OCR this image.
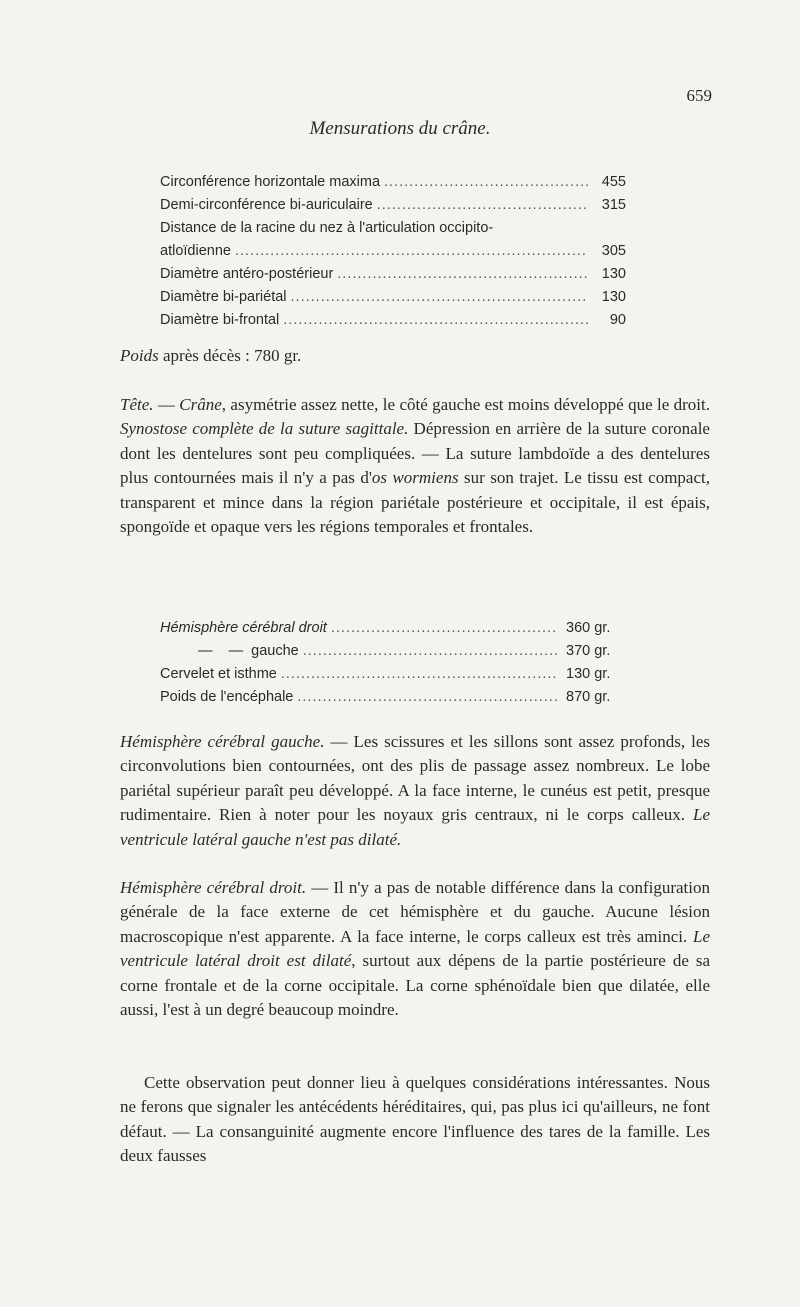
659
Mensurations du crâne.
Circonférence horizontale maxima .....	455
Demi-circonférence bi-auriculaire .....	315
Distance de la racine du nez à l'articulation occipito-
atloïdienne .....	305
Diamètre antéro-postérieur .....	130
Diamètre bi-pariétal .....	130
Diamètre bi-frontal .....	90
Poids après décès : 780 gr.

Tête. — Crâne, asymétrie assez nette, le côté gauche est moins développé que le droit. Synostose complète de la suture sagittale. Dépression en arrière de la suture coronale dont les dentelures sont peu compliquées. — La suture lambdoïde a des dentelures plus contournées mais il n'y a pas d'os wormiens sur son trajet. Le tissu est compact, transparent et mince dans la région pariétale postérieure et occipitale, il est épais, spongoïde et opaque vers les régions temporales et frontales.

Hémisphère cérébral droit .....	360 gr.
—    —  gauche .....	370 gr.
Cervelet et isthme .....	130 gr.
Poids de l'encéphale .....	870 gr.

Hémisphère cérébral gauche. — Les scissures et les sillons sont assez profonds, les circonvolutions bien contournées, ont des plis de passage assez nombreux. Le lobe pariétal supérieur paraît peu développé. A la face interne, le cunéus est petit, presque rudimentaire. Rien à noter pour les noyaux gris centraux, ni le corps calleux. Le ventricule latéral gauche n'est pas dilaté.

Hémisphère cérébral droit. — Il n'y a pas de notable différence dans la configuration générale de la face externe de cet hémisphère et du gauche. Aucune lésion macroscopique n'est apparente. A la face interne, le corps calleux est très aminci. Le ventricule latéral droit est dilaté, surtout aux dépens de la partie postérieure de sa corne frontale et de la corne occipitale. La corne sphénoïdale bien que dilatée, elle aussi, l'est à un degré beaucoup moindre.

Cette observation peut donner lieu à quelques considérations intéressantes. Nous ne ferons que signaler les antécédents héréditaires, qui, pas plus ici qu'ailleurs, ne font défaut. — La consanguinité augmente encore l'influence des tares de la famille. Les deux fausses
